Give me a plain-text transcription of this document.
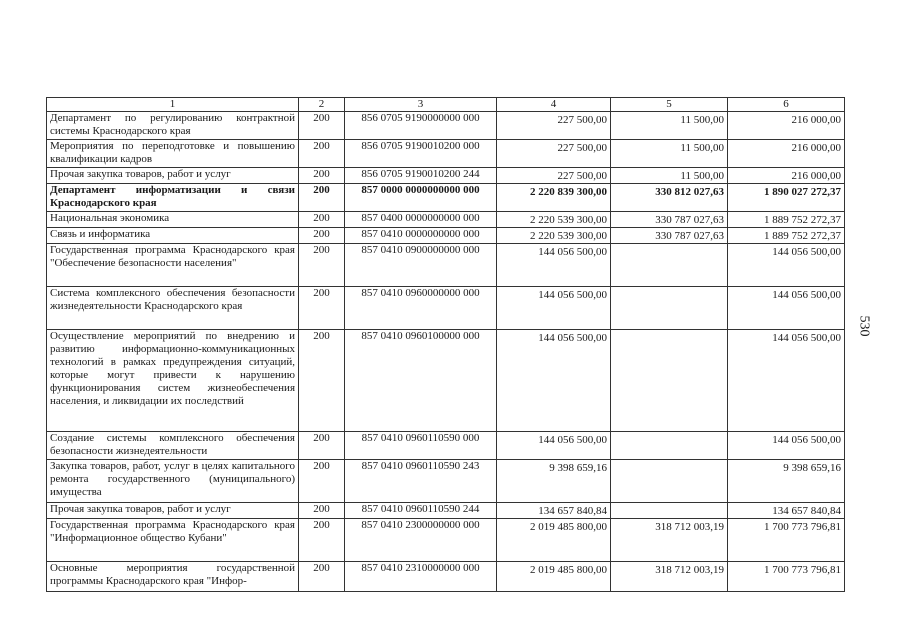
1	2	3	4	5	6
Департамент по регулированию контрактной системы Краснодарского края	200	856 0705 9190000000 000	227 500,00	11 500,00	216 000,00
Мероприятия по переподготовке и повышению квалификации кадров	200	856 0705 9190010200 000	227 500,00	11 500,00	216 000,00
Прочая закупка товаров, работ и услуг	200	856 0705 9190010200 244	227 500,00	11 500,00	216 000,00
Департамент информатизации и связи Краснодарского края	200	857 0000 0000000000 000	2 220 839 300,00	330 812 027,63	1 890 027 272,37
Национальная экономика	200	857 0400 0000000000 000	2 220 539 300,00	330 787 027,63	1 889 752 272,37
Связь и информатика	200	857 0410 0000000000 000	2 220 539 300,00	330 787 027,63	1 889 752 272,37
Государственная программа Краснодарского края "Обеспечение безопасности населения"	200	857 0410 0900000000 000	144 056 500,00		144 056 500,00
Система комплексного обеспечения безопасности жизнедеятельности Краснодарского края	200	857 0410 0960000000 000	144 056 500,00		144 056 500,00
Осуществление мероприятий по внедрению и развитию информационно-коммуникационных технологий в рамках предупреждения ситуаций, которые могут привести к нарушению функционирования систем жизнеобеспечения населения, и ликвидации их последствий	200	857 0410 0960100000 000	144 056 500,00		144 056 500,00
Создание системы комплексного обеспечения безопасности жизнедеятельности	200	857 0410 0960110590 000	144 056 500,00		144 056 500,00
Закупка товаров, работ, услуг в целях капитального ремонта государственного (муниципального) имущества	200	857 0410 0960110590 243	9 398 659,16		9 398 659,16
Прочая закупка товаров, работ и услуг	200	857 0410 0960110590 244	134 657 840,84		134 657 840,84
Государственная программа Краснодарского края "Информационное общество Кубани"	200	857 0410 2300000000 000	2 019 485 800,00	318 712 003,19	1 700 773 796,81
Основные мероприятия государственной программы Краснодарского края "Инфор-	200	857 0410 2310000000 000	2 019 485 800,00	318 712 003,19	1 700 773 796,81
530
